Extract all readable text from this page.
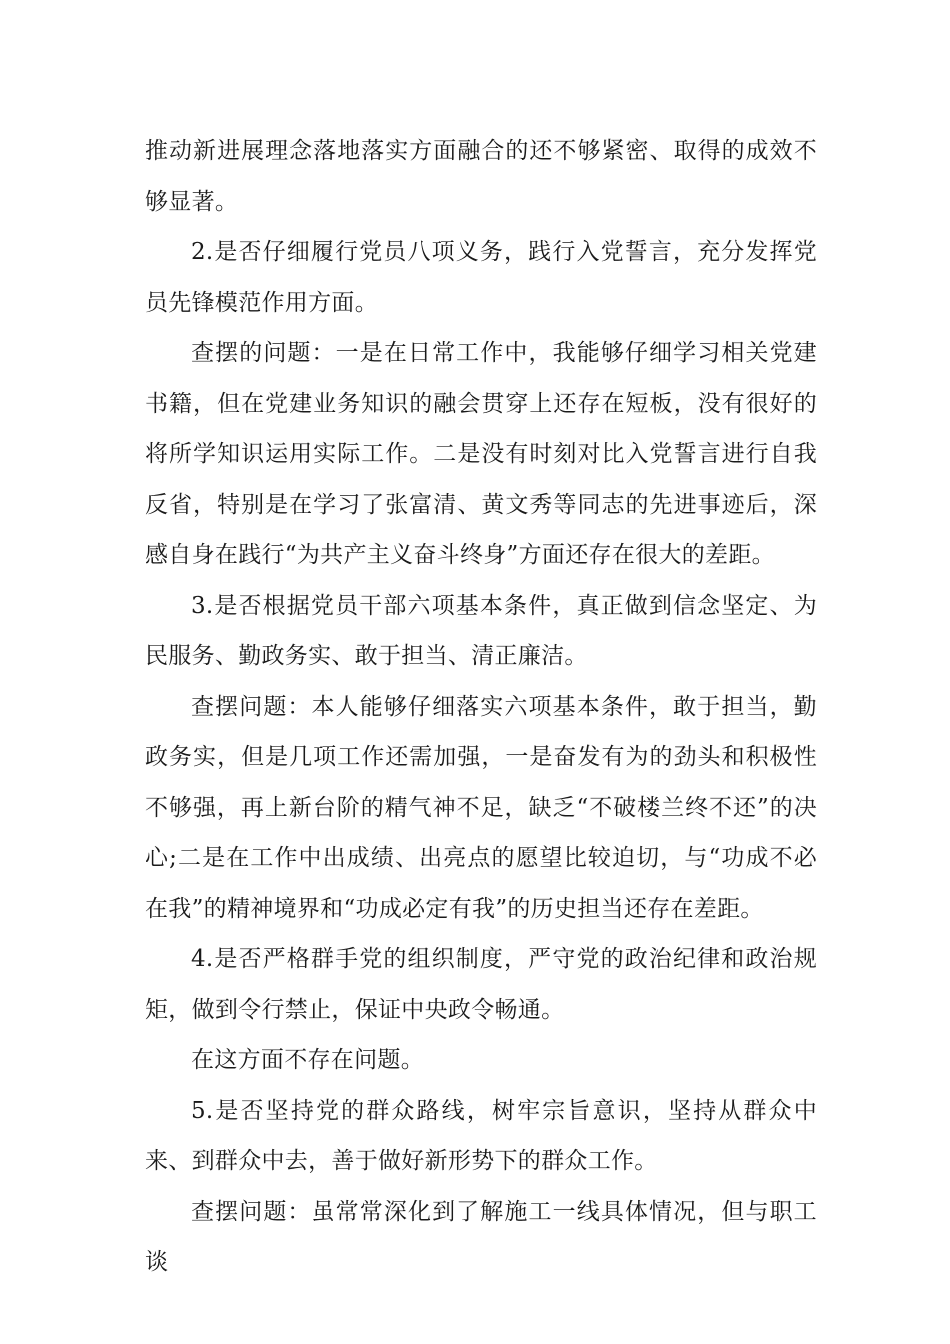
推动新进展理念落地落实方面融合的还不够紧密、取得的成效不够显著。

2.是否仔细履行党员八项义务，践行入党誓言，充分发挥党员先锋模范作用方面。

查摆的问题：一是在日常工作中，我能够仔细学习相关党建书籍，但在党建业务知识的融会贯穿上还存在短板，没有很好的将所学知识运用实际工作。二是没有时刻对比入党誓言进行自我反省，特别是在学习了张富清、黄文秀等同志的先进事迹后，深感自身在践行“为共产主义奋斗终身”方面还存在很大的差距。

3.是否根据党员干部六项基本条件，真正做到信念坚定、为民服务、勤政务实、敢于担当、清正廉洁。

查摆问题：本人能够仔细落实六项基本条件，敢于担当，勤政务实，但是几项工作还需加强，一是奋发有为的劲头和积极性不够强，再上新台阶的精气神不足，缺乏“不破楼兰终不还”的决心;二是在工作中出成绩、出亮点的愿望比较迫切，与“功成不必在我”的精神境界和“功成必定有我”的历史担当还存在差距。

4.是否严格群手党的组织制度，严守党的政治纪律和政治规矩，做到令行禁止，保证中央政令畅通。

在这方面不存在问题。

5.是否坚持党的群众路线，树牢宗旨意识，坚持从群众中来、到群众中去，善于做好新形势下的群众工作。

查摆问题：虽常常深化到了解施工一线具体情况，但与职工谈
